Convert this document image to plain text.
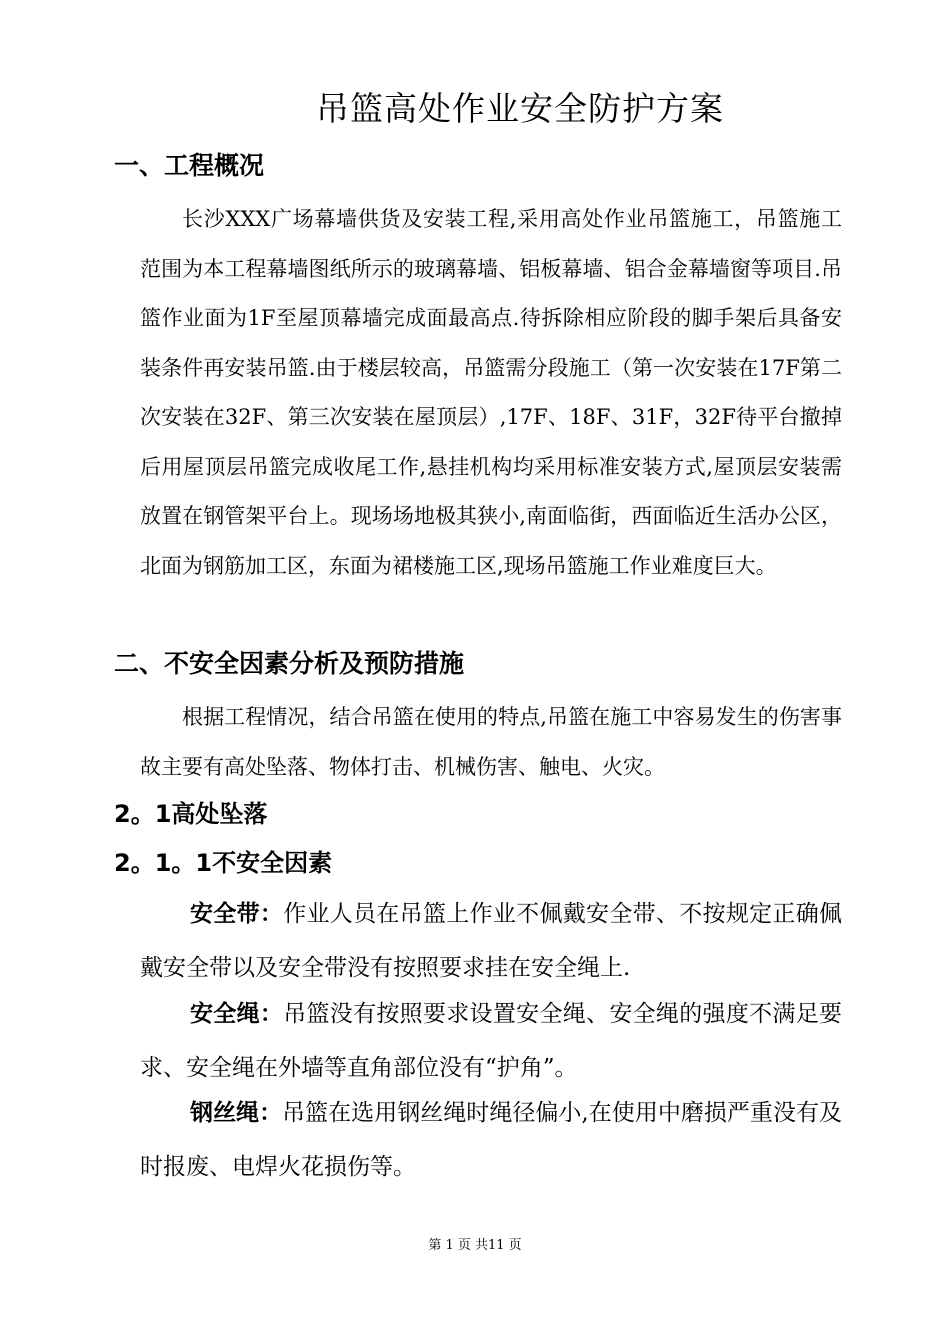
吊篮高处作业安全防护方案
一、工程概况

长沙XXX广场幕墙供货及安装工程,采用高处作业吊篮施工，吊篮施工范围为本工程幕墙图纸所示的玻璃幕墙、铝板幕墙、铝合金幕墙窗等项目.吊篮作业面为1F至屋顶幕墙完成面最高点.待拆除相应阶段的脚手架后具备安装条件再安装吊篮.由于楼层较高，吊篮需分段施工（第一次安装在17F第二次安装在32F、第三次安装在屋顶层）,17F、18F、31F，32F待平台撤掉后用屋顶层吊篮完成收尾工作,悬挂机构均采用标准安装方式,屋顶层安装需放置在钢管架平台上。现场场地极其狭小,南面临街，西面临近生活办公区，北面为钢筋加工区，东面为裙楼施工区,现场吊篮施工作业难度巨大。

二、不安全因素分析及预防措施

根据工程情况，结合吊篮在使用的特点,吊篮在施工中容易发生的伤害事故主要有高处坠落、物体打击、机械伤害、触电、火灾。

2。1高处坠落
2。1。1不安全因素

安全带：作业人员在吊篮上作业不佩戴安全带、不按规定正确佩戴安全带以及安全带没有按照要求挂在安全绳上.

安全绳：吊篮没有按照要求设置安全绳、安全绳的强度不满足要求、安全绳在外墙等直角部位没有“护角”。

钢丝绳：吊篮在选用钢丝绳时绳径偏小,在使用中磨损严重没有及时报废、电焊火花损伤等。

第 1 页 共11 页
